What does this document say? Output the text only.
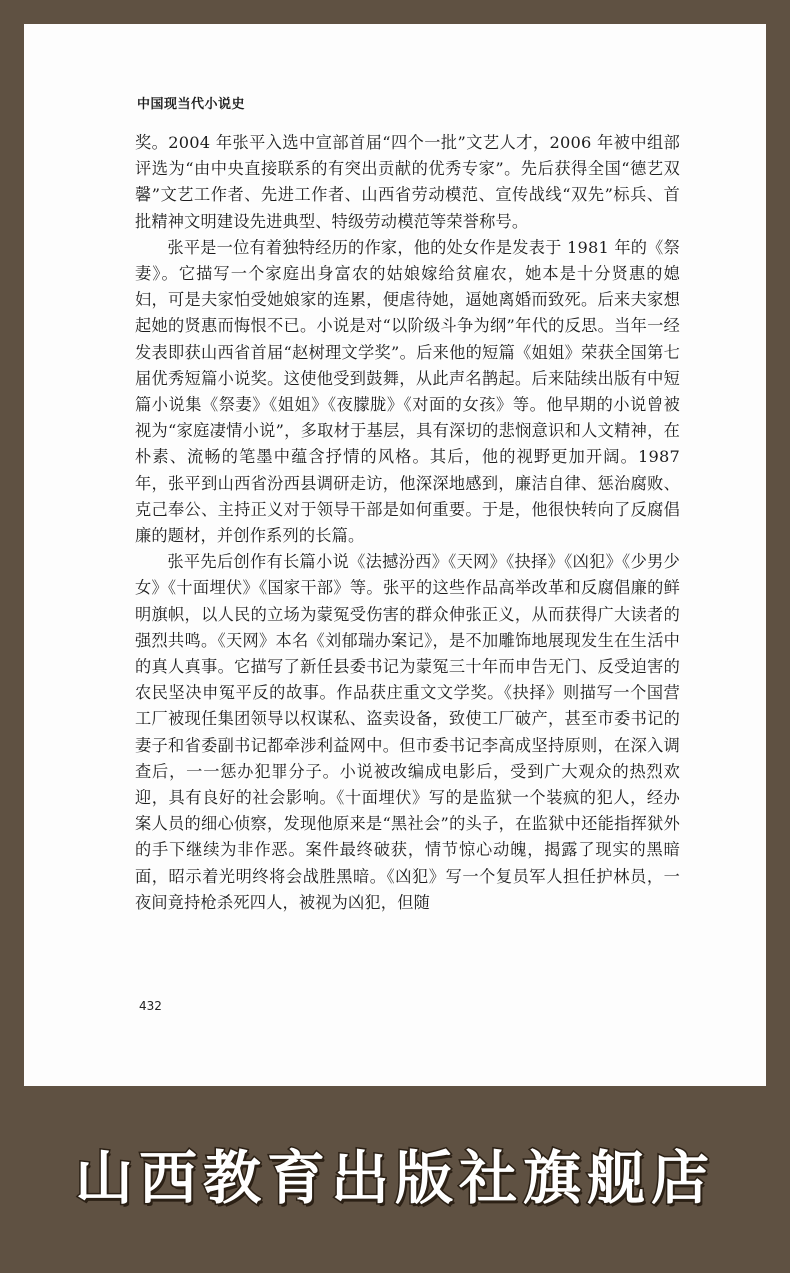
中国现当代小说史

奖。2004 年张平入选中宣部首届“四个一批”文艺人才，2006 年被中组部评选为“由中央直接联系的有突出贡献的优秀专家”。先后获得全国“德艺双馨”文艺工作者、先进工作者、山西省劳动模范、宣传战线“双先”标兵、首批精神文明建设先进典型、特级劳动模范等荣誉称号。

张平是一位有着独特经历的作家，他的处女作是发表于 1981 年的《祭妻》。它描写一个家庭出身富农的姑娘嫁给贫雇农，她本是十分贤惠的媳妇，可是夫家怕受她娘家的连累，便虐待她，逼她离婚而致死。后来夫家想起她的贤惠而悔恨不已。小说是对“以阶级斗争为纲”年代的反思。当年一经发表即获山西省首届“赵树理文学奖”。后来他的短篇《姐姐》荣获全国第七届优秀短篇小说奖。这使他受到鼓舞，从此声名鹊起。后来陆续出版有中短篇小说集《祭妻》《姐姐》《夜朦胧》《对面的女孩》等。他早期的小说曾被视为“家庭凄情小说”，多取材于基层，具有深切的悲悯意识和人文精神，在朴素、流畅的笔墨中蕴含抒情的风格。其后，他的视野更加开阔。1987 年，张平到山西省汾西县调研走访，他深深地感到，廉洁自律、惩治腐败、克己奉公、主持正义对于领导干部是如何重要。于是，他很快转向了反腐倡廉的题材，并创作系列的长篇。

张平先后创作有长篇小说《法撼汾西》《天网》《抉择》《凶犯》《少男少女》《十面埋伏》《国家干部》等。张平的这些作品高举改革和反腐倡廉的鲜明旗帜，以人民的立场为蒙冤受伤害的群众伸张正义，从而获得广大读者的强烈共鸣。《天网》本名《刘郁瑞办案记》，是不加雕饰地展现发生在生活中的真人真事。它描写了新任县委书记为蒙冤三十年而申告无门、反受迫害的农民坚决申冤平反的故事。作品获庄重文文学奖。《抉择》则描写一个国营工厂被现任集团领导以权谋私、盗卖设备，致使工厂破产，甚至市委书记的妻子和省委副书记都牵涉利益网中。但市委书记李高成坚持原则，在深入调查后，一一惩办犯罪分子。小说被改编成电影后，受到广大观众的热烈欢迎，具有良好的社会影响。《十面埋伏》写的是监狱一个装疯的犯人，经办案人员的细心侦察，发现他原来是“黑社会”的头子，在监狱中还能指挥狱外的手下继续为非作恶。案件最终破获，情节惊心动魄，揭露了现实的黑暗面，昭示着光明终将会战胜黑暗。《凶犯》写一个复员军人担任护林员，一夜间竟持枪杀死四人，被视为凶犯，但随

432
山西教育出版社旗舰店
